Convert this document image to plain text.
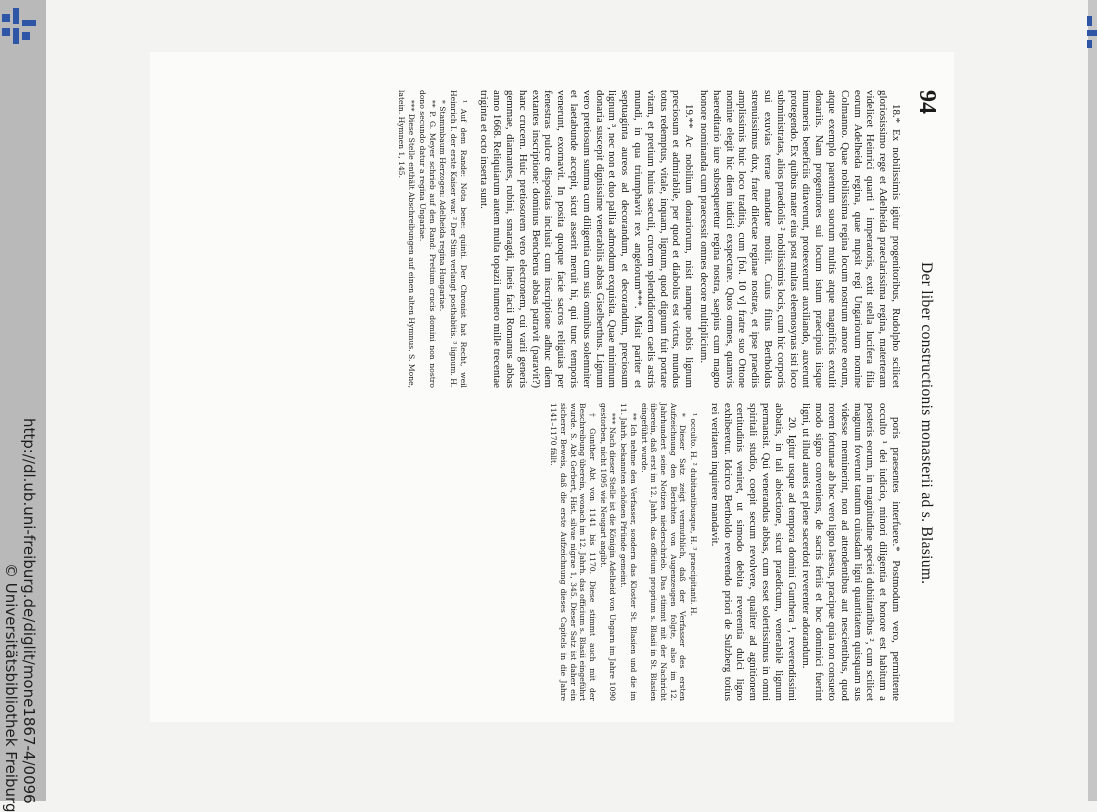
http://dl.ub.uni-freiburg.de/diglit/mone1867-4/0096
© Universitätsbibliothek Freiburg
94
Der liber constructionis monasterii ad s. Blasium.

18.* Ex nobilissimis igitur progenitoribus, Rudolpho scilicet gloriosissimo rege et Adelheida praeclarissima regina, materteram videlicet Heinrici quarti ¹ imperatoris, extit stella lucifera filia eorum Adelheida regina, quae nupsit regi Ungariorum nomine Colmanno. Quae nobilissima regina locum nostrum amore eorum, atque exemplo parentum suorum multis atque magnificis extulit donariis. Nam progenitores sui locum istum praecipuis iisque imumeris beneficiis ditaverunt, proteexerunt auxiliando, auxerunt protegendo. Ex quibus mater eius post multas eleemosynas isti loco subministratas, alios praediolis ² nobilissimis locis, cum hic corporis sui exuvias terrae mandare moliit. Cuius filius Bertholdus strenuissimus dux, frater dilectae reginae nostrae, et ipse praediis amplissimis huic loco traditis, cum [fol. 10 v] fratre suo Ottone nomine elegit hic diem iudicii exspectare. Quos omnes, quamvis haereditario iure subsequeretur regina nostra, saepius cum magno honore nominanda cum praecessit omnes decore multiplicium.

19.** Ac nobilium donariorum, nisit namque nobis lignum preciosum et admirabile, per quod et diabolus est victus, mundus totus redemptus, vitale, inquam, lignum, quod dignum fuit portare vitam, et pretium huius saeculi, crucem splendidiorem caelis astris mundi, in qua triumphavit rex angelorum***. Misit pariter et septuaginta aureos ad decorandum, et decorandum, preciosum lignum ³, nec non et duo pallia admodum exquisita. Quae minimum donaria suscepit dignissime venerabilis abbas Giselberthus. Lignum vero pretiosum summa cum diligentia cum suis omnibus solemniter et laetabunde accepit, sicut asserit meruit hi, qui tunc temporis venerunt, exornavit. In posita quoque facie sacros religuias per fenestras pulcre dispositas inclusit cum inscriptione adhuc diem extantes inscriptione: dominus Bencherus abbas patravit (paravit?) hanc crucem. Huic pretiosorem vero electronem, cui varii generis gemmae, diamantes, rubini, smaragdi, lineis facii Romanus abbas anno 1668. Reliquiarum autem multa topazii numero mille trecentae triginta et octo inserta sunt.

¹ Auf dem Rande: Nota bene: quinti. Der Chronist hat Recht, weil Heinrich I. der erste Kaiser war. ² Der Stim verlangt posthabitis. ³ lignum. H.

* Stammbaum Herzogen: Adelheida regina Hungariae.

** P. G. Meyer schrieb auf den Rand: Pretium crucis domini non nostro dono secundo datur a regina Ungariae.

*** Diese Stelle enthält Abschreibungen auf einen alten Hymnus. S. Mone, latein. Hymnen 1, 145.

poris praesentes interfuere.* Postmodum vero, permittente occulto ¹ dei iudicio, minori diligentia et honore est habitum a posteris eorum, in magnitudine speciei dubiitantibus ², cum scilicet magnum foverunt tantum cuiusdam ligni quantitatem quisquam sus videsse meminerint, non ad attendentibus aut nescientibus, quod rorem fortunae ab hoc vero ligno laesus, pracipue quia non consueto modo signo conveniens, de sacris feriis et hoc dominici fuerint ligni, ut illud aureis et plene sacerdoti reverenter adorandum.

20. Igitur usque ad tempora domini Gunthera ¹, reverendissimi abbatis, in tali abiectione, sicut praedictum, venerabile lignum permansit. Qui venerandus abbas, cum esset solertissimus in omni spiritali studio, coepit secum revolvere, qualiter ad agnitionem certitudinis veniret, ut simodo debita reverentia dulci ligno exhiberetur. Idcirco Bertholdo reverendo priori de Sulzberg totius rei veritatem inquirere mandavit.

¹ occulto. H. ² dubitantibusque, H. ³ praecipitanti. H.

* Dieser Satz zeigt vermuthlich, daß der Verfasser des ersten Aufzeichnung den Berichten von Augenzeugen folgte, also im 12. Jahrhundert seine Notizen niederschrieb. Das stimmt mit der Nachricht überein, daß erst im 12. Jahrh. das officium proprium s. Blasii in St. Blasien eingeführt wurde.

** Ich nehme den Verfasser, sondern das Kloster St. Blasien und die im 11. Jahrh. bekannten schönen Pfründe gemeint.

*** Nach dieser Stelle ist die Königin Adelheid von Ungarn im Jahre 1090 gestorben, nicht 1095 wie Neugart angibt.

† Gunther Abt von 1141 bis 1170. Diese stimmt auch mit der Beschreibung überein, wonach im 12. Jahrh. das officium s. Blasii eingeführt wurde. S. Abt Gerbert, Hist. silvae nigrae 1, 345. Dieser Satz ist daher ein sicherer Beweis, daß die erste Aufzeichnung dieses Capitels in die Jahre 1141–1170 fällt.
